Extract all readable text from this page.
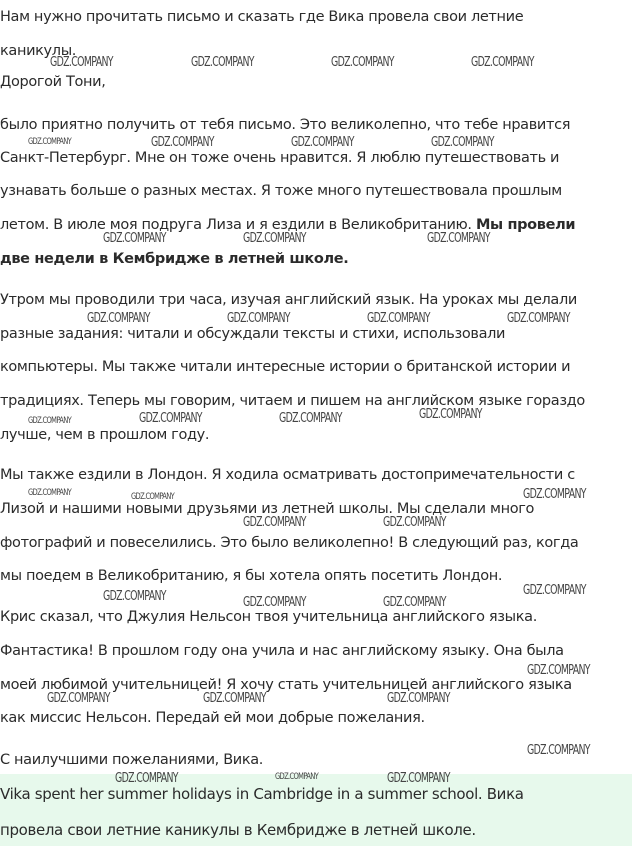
Нам нужно прочитать письмо и сказать где Вика провела свои летние

каникулы.

Дорогой Тони,

было приятно получить от тебя письмо. Это великолепно, что тебе нравится

Санкт-Петербург. Мне он тоже очень нравится. Я люблю путешествовать и

узнавать больше о разных местах. Я тоже много путешествовала прошлым

летом. В июле моя подруга Лиза и я ездили в Великобританию. Мы провели

две недели в Кембридже в летней школе.

Утром мы проводили три часа, изучая английский язык. На уроках мы делали

разные задания: читали и обсуждали тексты и стихи, использовали

компьютеры. Мы также читали интересные истории о британской истории и

традициях. Теперь мы говорим, читаем и пишем на английском языке гораздо

лучше, чем в прошлом году.

Мы также ездили в Лондон. Я ходила осматривать достопримечательности с

Лизой и нашими новыми друзьями из летней школы. Мы сделали много

фотографий и повеселились. Это было великолепно! В следующий раз, когда

мы поедем в Великобританию, я бы хотела опять посетить Лондон.

Крис сказал, что Джулия Нельсон твоя учительница английского языка.

Фантастика! В прошлом году она учила и нас английскому языку. Она была

моей любимой учительницей! Я хочу стать учительницей английского языка

как миссис Нельсон. Передай ей мои добрые пожелания.

С наилучшими пожеланиями, Вика.

Vika spent her summer holidays in Cambridge in a summer school. Вика

провела свои летние каникулы в Кембридже в летней школе.

GDZ.COMPANY	GDZ.COMPANY	GDZ.COMPANY	GDZ.COMPANY
GDZ.COMPANY	GDZ.COMPANY	GDZ.COMPANY	GDZ.COMPANY
GDZ.COMPANY	GDZ.COMPANY	GDZ.COMPANY
GDZ.COMPANY	GDZ.COMPANY	GDZ.COMPANY	GDZ.COMPANY
GDZ.COMPANY	GDZ.COMPANY	GDZ.COMPANY	GDZ.COMPANY
GDZ.COMPANY	GDZ.COMPANY	GDZ.COMPANY
GDZ.COMPANY	GDZ.COMPANY
GDZ.COMPANY	GDZ.COMPANY
GDZ.COMPANY	GDZ.COMPANY
GDZ.COMPANY
GDZ.COMPANY	GDZ.COMPANY	GDZ.COMPANY
GDZ.COMPANY
GDZ.COMPANY	GDZ.COMPANY	GDZ.COMPANY
